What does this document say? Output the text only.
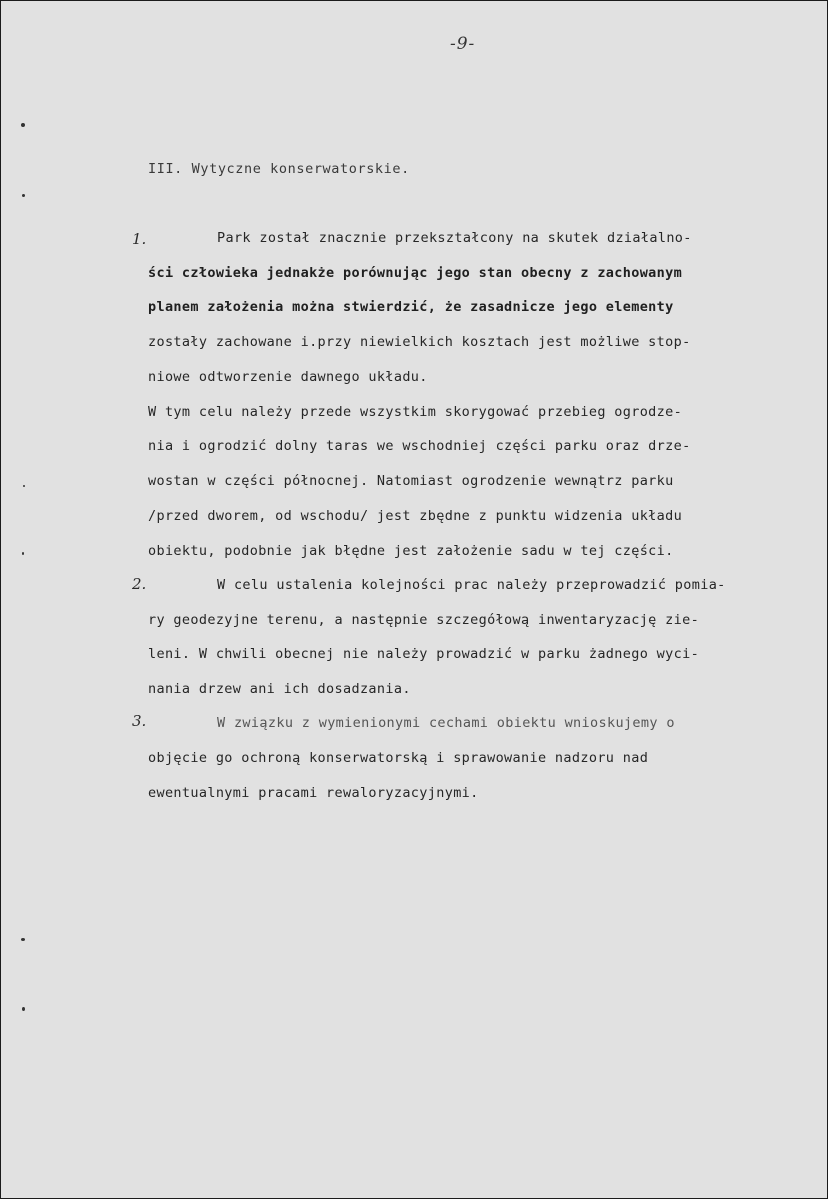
-9-
III. Wytyczne konserwatorskie.
1.	Park został znacznie przekształcony na skutek działalno-
ści człowieka jednakże porównując jego stan obecny z zachowanym
planem założenia można stwierdzić, że zasadnicze jego elementy
zostały zachowane i.przy niewielkich kosztach jest możliwe stop-
niowe odtworzenie dawnego układu.
W tym celu należy przede wszystkim skorygować przebieg ogrodze-
nia i ogrodzić dolny taras we wschodniej części parku oraz drze-
wostan w części północnej. Natomiast ogrodzenie wewnątrz parku
/przed dworem, od wschodu/ jest zbędne z punktu widzenia układu
obiektu, podobnie jak błędne jest założenie sadu w tej części.
2.	W celu ustalenia kolejności prac należy przeprowadzić pomia-
ry geodezyjne terenu, a następnie szczegółową inwentaryzację zie-
leni. W chwili obecnej nie należy prowadzić w parku żadnego wyci-
nania drzew ani ich dosadzania.
3.	W związku z wymienionymi cechami obiektu wnioskujemy o
objęcie go ochroną konserwatorską i sprawowanie nadzoru nad
ewentualnymi pracami rewaloryzacyjnymi.
